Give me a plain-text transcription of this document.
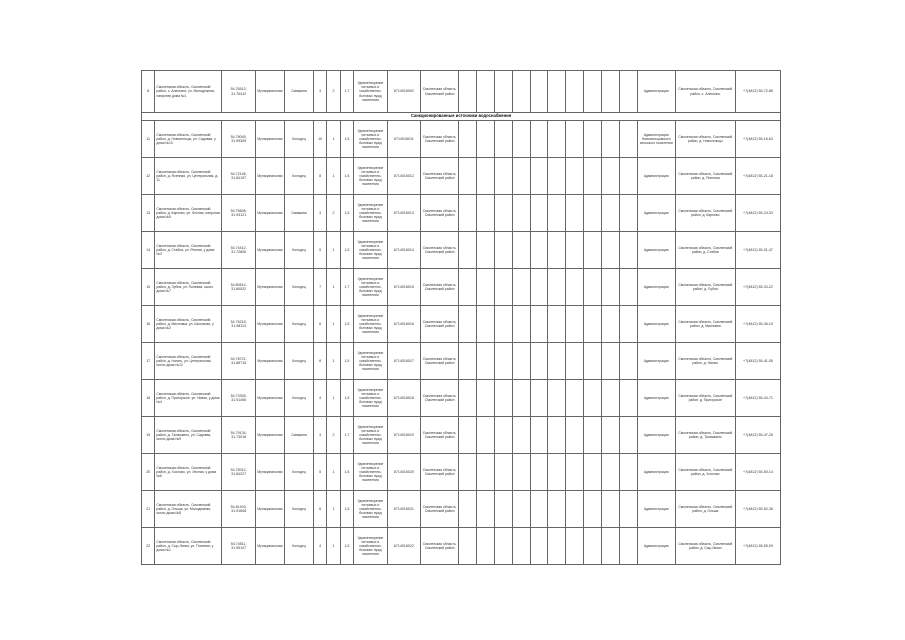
8	Смоленская область, Смоленский район, с. Алексино, ул. Молодежная, напротив дома №1	54.76513, 31.76412	Муниципальная	Скважина	3	2	1,7	Удовлетворение питьевых и хозяйственно-бытовых нужд населения	6714016002	Смоленская область, Смоленский район											Администрация	Смоленская область, Смоленский район, с. Алексино	+7(4812) 55-72-86
Санкционированные источники водоснабжения																							
11	Смоленская область, Смоленский район, д. Новосельцы, ул. Садовая, у дома №10	54.78045, 31.99305	Муниципальная	Колодец	10	1	1,5	Удовлетворение питьевых и хозяйственно-бытовых нужд населения	6714016011	Смоленская область, Смоленский район											Администрация Новосельцовского сельского поселения	Смоленская область, Смоленский район, д. Новосельцы	+7(4812) 55-16-63
12	Смоленская область, Смоленский район, д. Ясенная, ул. Центральная, д. 11	54.72146, 31.84197	Муниципальная	Колодец	8	1	1,5	Удовлетворение питьевых и хозяйственно-бытовых нужд населения	6714016012	Смоленская область, Смоленский район											Администрация	Смоленская область, Смоленский район, д. Ясенная	+7(4812) 55-21-18
13	Смоленская область, Смоленский район, д. Карпово, ул. Лесная, напротив дома №5	54.75608, 31.93121	Муниципальная	Скважина	3	2	1,5	Удовлетворение питьевых и хозяйственно-бытовых нужд населения	6714016013	Смоленская область, Смоленский район											Администрация	Смоленская область, Смоленский район, д. Карпово	+7(4812) 55-24-33
14	Смоленская область, Смоленский район, д. Стабна, ул. Речная, у дома №3	54.74412, 31.72806	Муниципальная	Колодец	5	1	1,5	Удовлетворение питьевых и хозяйственно-бытовых нужд населения	6714016014	Смоленская область, Смоленский район											Администрация	Смоленская область, Смоленский район, д. Стабна	+7(4812) 55-31-47
15	Смоленская область, Смоленский район, д. Лубня, ул. Полевая, около дома №7	54.80514, 31.80522	Муниципальная	Колодец	7	1	1,7	Удовлетворение питьевых и хозяйственно-бытовых нужд населения	6714016015	Смоленская область, Смоленский район											Администрация	Смоленская область, Смоленский район, д. Лубня	+7(4812) 55-33-22
16	Смоленская область, Смоленский район, д. Михновка, ул. Школьная, у дома №2	54.76215, 31.98113	Муниципальная	Колодец	6	1	1,5	Удовлетворение питьевых и хозяйственно-бытовых нужд населения	6714016016	Смоленская область, Смоленский район											Администрация	Смоленская область, Смоленский район, д. Михновка	+7(4812) 55-36-19
17	Смоленская область, Смоленский район, д. Нагать, ул. Центральная, около дома №12	54.78721, 31.88715	Муниципальная	Колодец	8	1	1,5	Удовлетворение питьевых и хозяйственно-бытовых нужд населения	6714016017	Смоленская область, Смоленский район											Администрация	Смоленская область, Смоленский район, д. Нагать	+7(4812) 55-41-05
18	Смоленская область, Смоленский район, д. Пригорское, ул. Новая, у дома №4	54.73305, 31.91406	Муниципальная	Колодец	4	1	1,5	Удовлетворение питьевых и хозяйственно-бытовых нужд населения	6714016018	Смоленская область, Смоленский район											Администрация	Смоленская область, Смоленский район, д. Пригорское	+7(4812) 55-44-71
19	Смоленская область, Смоленский район, д. Талашкино, ул. Садовая, около дома №9	54.79134, 31.73018	Муниципальная	Скважина	3	2	1,7	Удовлетворение питьевых и хозяйственно-бытовых нужд населения	6714016019	Смоленская область, Смоленский район											Администрация	Смоленская область, Смоленский район, д. Талашкино	+7(4812) 55-47-28
20	Смоленская область, Смоленский район, д. Хохлово, ул. Лесная, у дома №6	54.75012, 31.84227	Муниципальная	Колодец	5	1	1,5	Удовлетворение питьевых и хозяйственно-бытовых нужд населения	6714016020	Смоленская область, Смоленский район											Администрация	Смоленская область, Смоленский район, д. Хохлово	+7(4812) 55-50-14
21	Смоленская область, Смоленский район, д. Ольша, ул. Молодежная, около дома №8	54.81403, 31.91608	Муниципальная	Колодец	6	1	1,5	Удовлетворение питьевых и хозяйственно-бытовых нужд населения	6714016021	Смоленская область, Смоленский район											Администрация	Смоленская область, Смоленский район, д. Ольша	+7(4812) 55-52-36
22	Смоленская область, Смоленский район, д. Сыр-Липки, ул. Полевая, у дома №1	54.74511, 31.95107	Муниципальная	Колодец	4	1	1,5	Удовлетворение питьевых и хозяйственно-бытовых нужд населения	6714016022	Смоленская область, Смоленский район											Администрация	Смоленская область, Смоленский район, д. Сыр-Липки	+7(4812) 55-55-09
